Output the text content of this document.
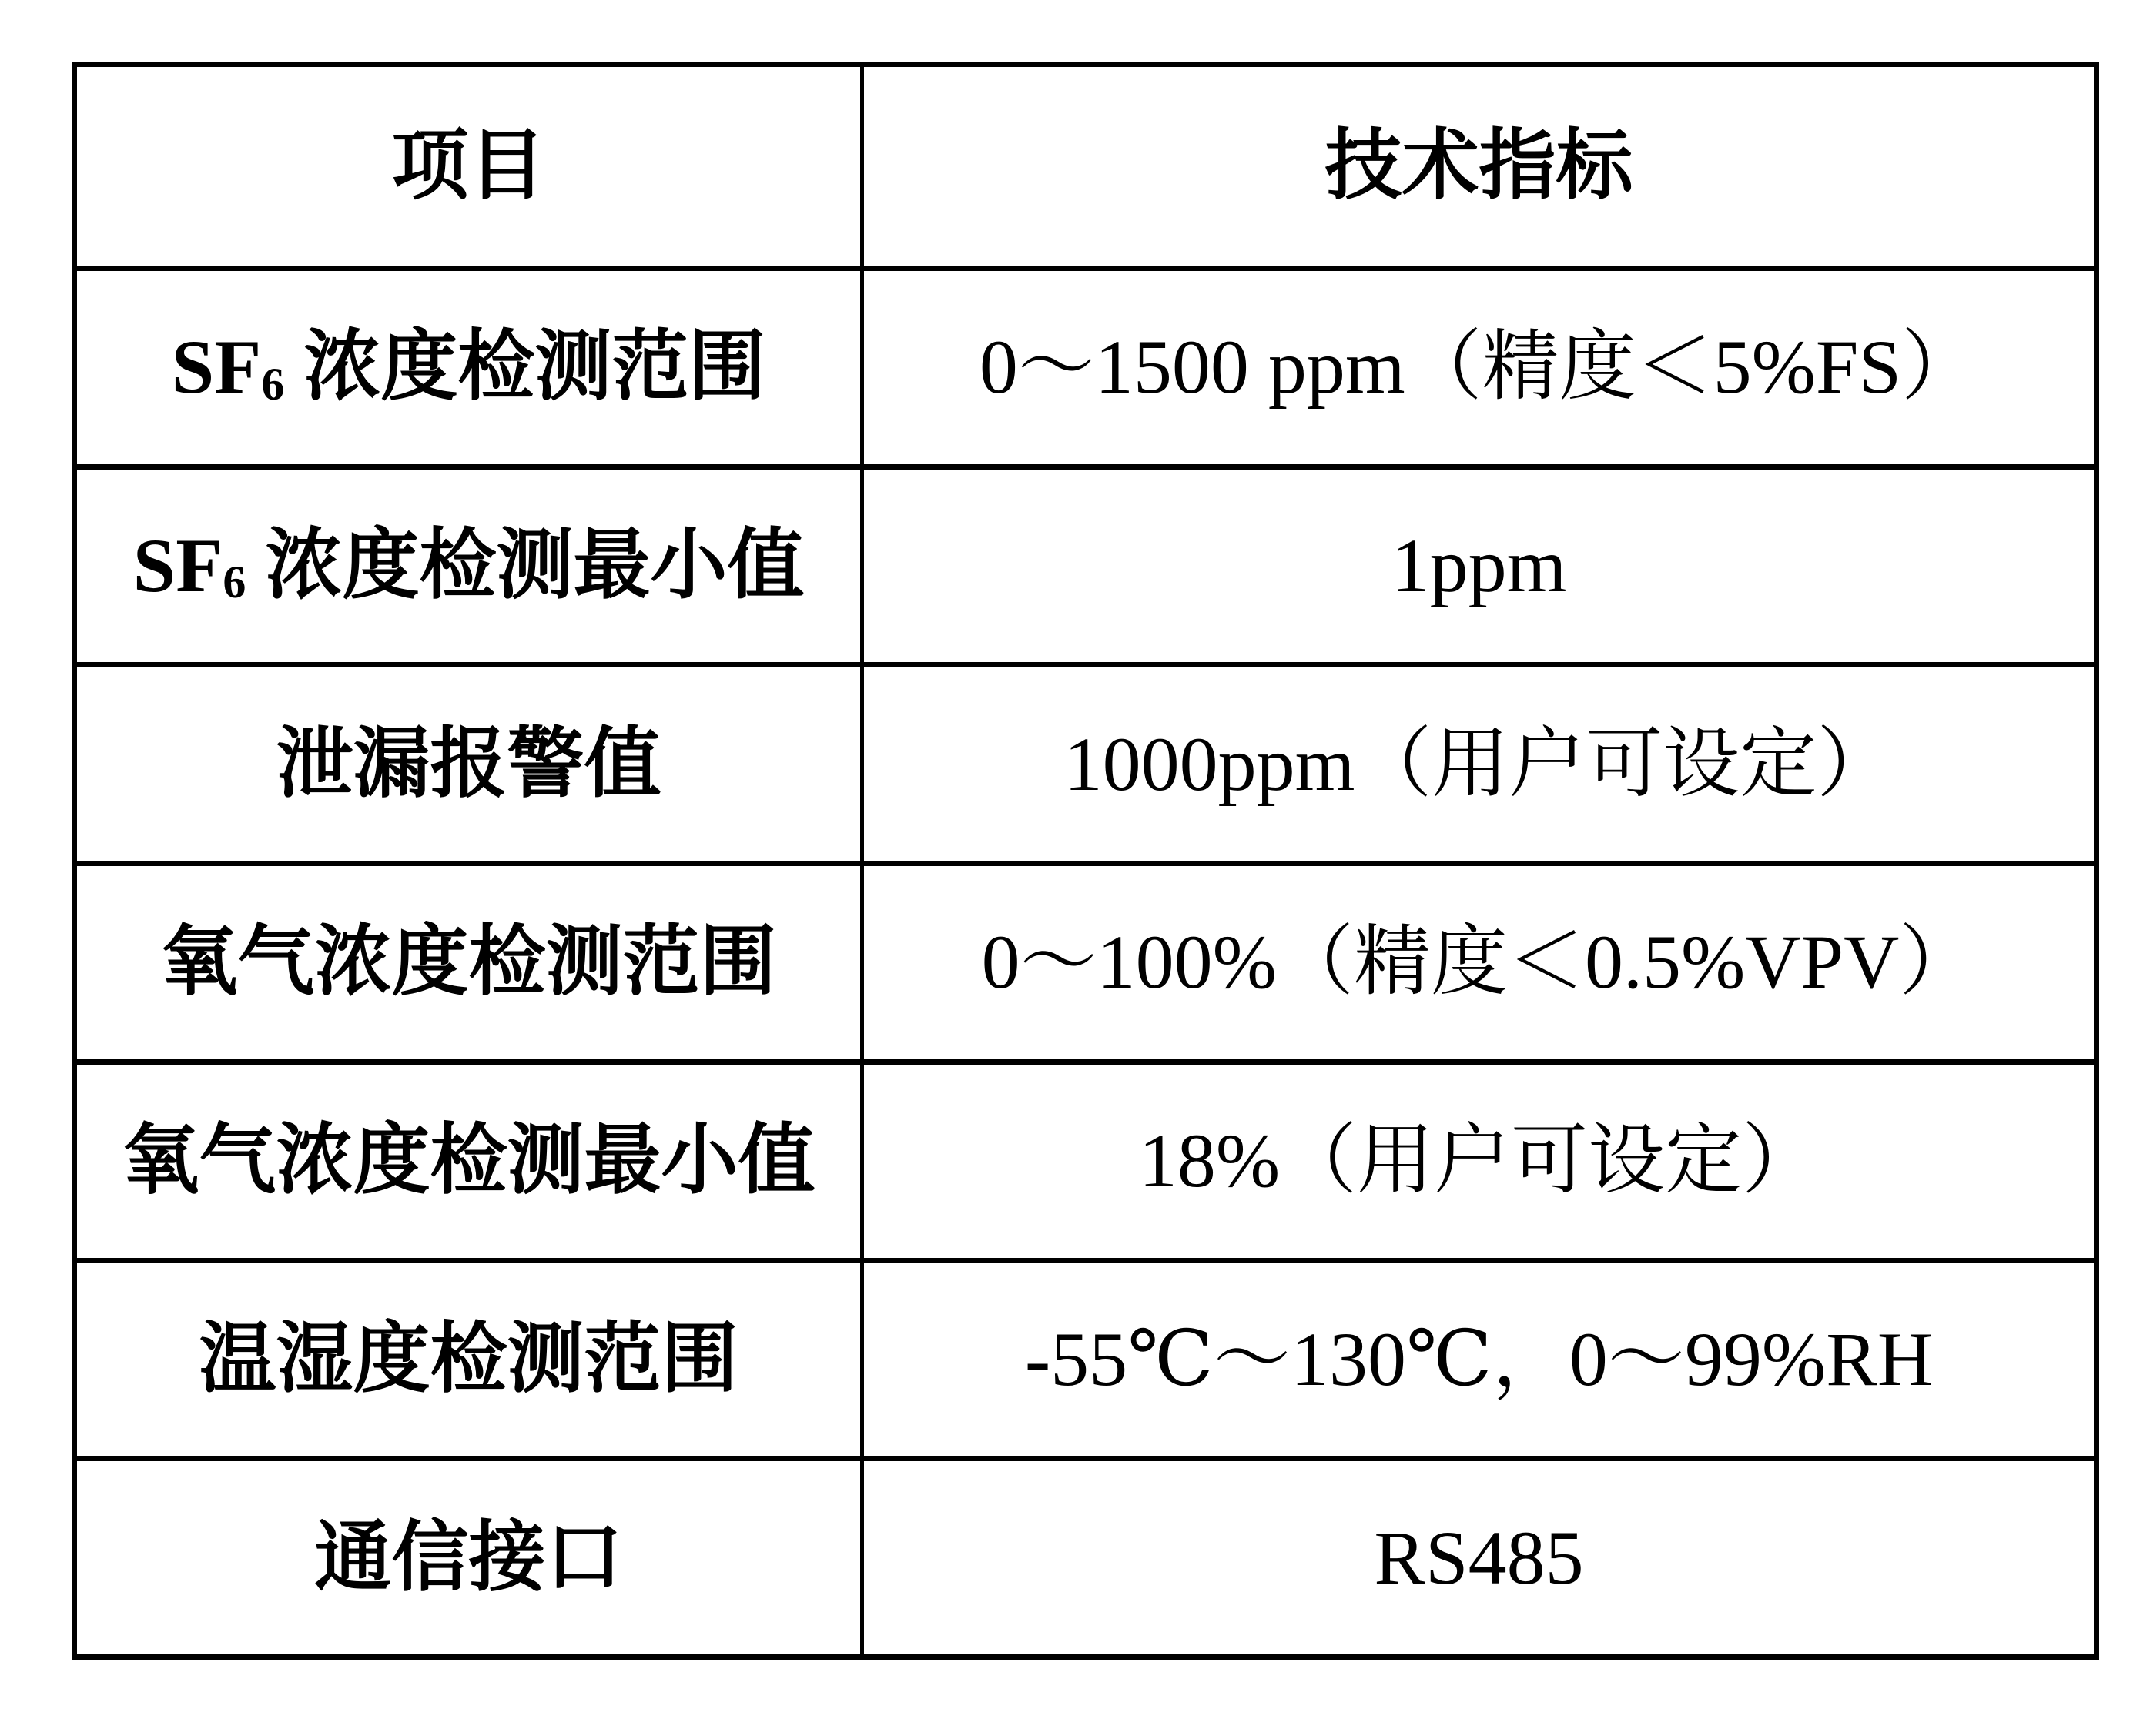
项目	技术指标
SF6 浓度检测范围	0～1500 ppm（精度＜5%FS）
SF6 浓度检测最小值	1ppm
泄漏报警值	1000ppm（用户可设定）
氧气浓度检测范围	0～100%（精度＜0.5%VPV）
氧气浓度检测最小值	18%（用户可设定）
温湿度检测范围	-55℃～130℃，0～99%RH
通信接口	RS485
